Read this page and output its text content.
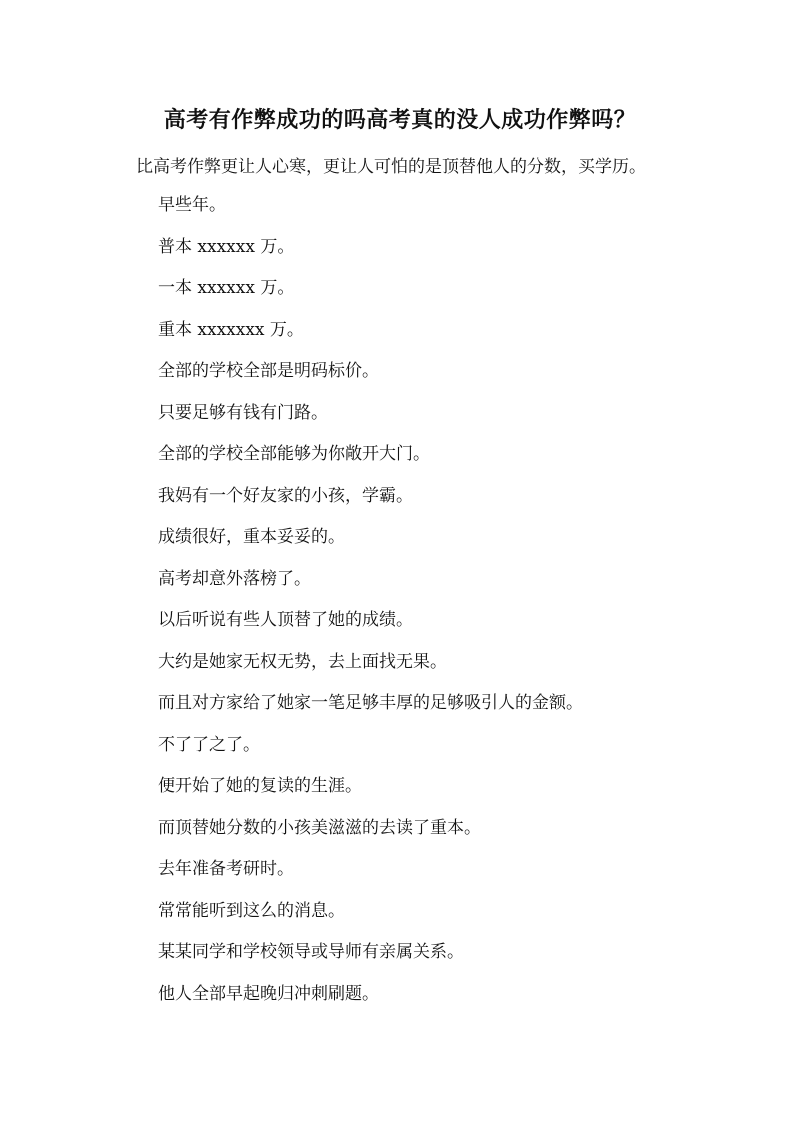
高考有作弊成功的吗高考真的没人成功作弊吗？
比高考作弊更让人心寒，更让人可怕的是顶替他人的分数，买学历。
早些年。
普本 xxxxxx 万。
一本 xxxxxx 万。
重本 xxxxxxx 万。
全部的学校全部是明码标价。
只要足够有钱有门路。
全部的学校全部能够为你敞开大门。
我妈有一个好友家的小孩，学霸。
成绩很好，重本妥妥的。
高考却意外落榜了。
以后听说有些人顶替了她的成绩。
大约是她家无权无势，去上面找无果。
而且对方家给了她家一笔足够丰厚的足够吸引人的金额。
不了了之了。
便开始了她的复读的生涯。
而顶替她分数的小孩美滋滋的去读了重本。
去年准备考研时。
常常能听到这么的消息。
某某同学和学校领导或导师有亲属关系。
他人全部早起晚归冲刺刷题。
